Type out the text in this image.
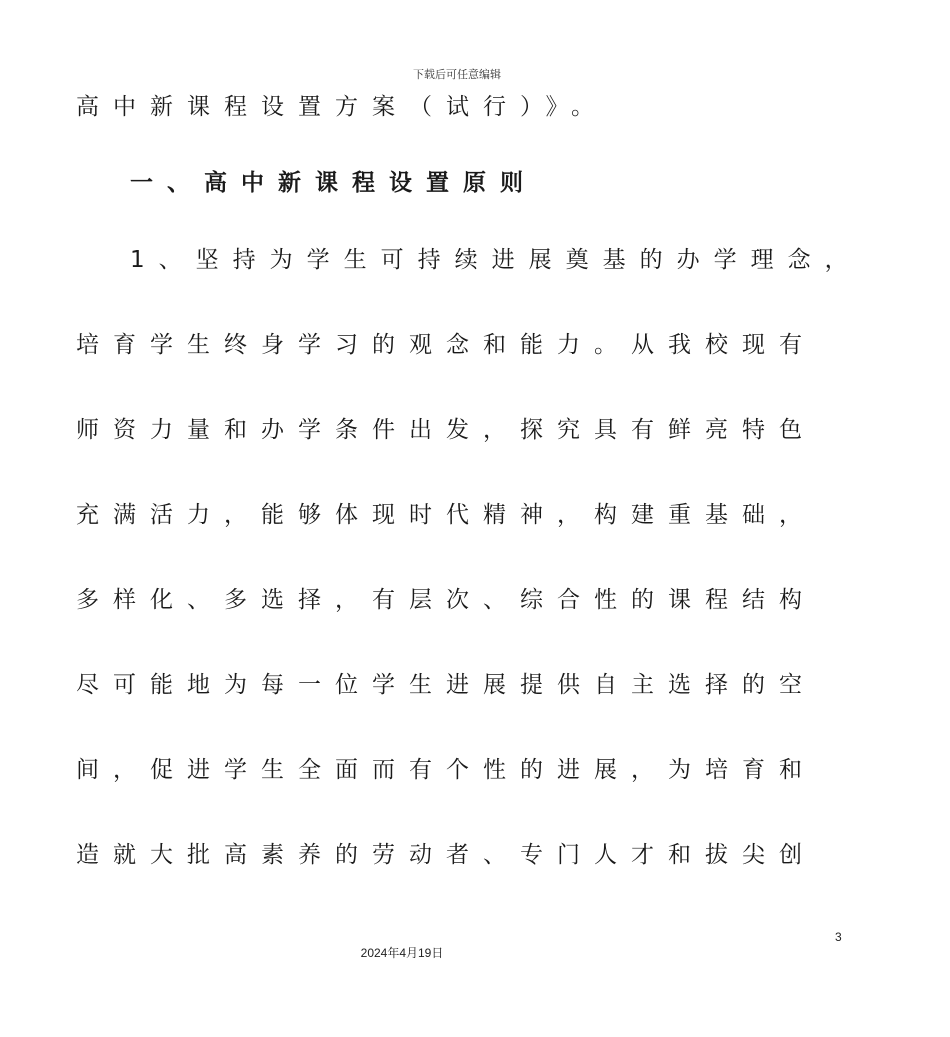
下载后可任意编辑
高中新课程设置方案（试行）》。
一、高中新课程设置原则
1、坚持为学生可持续进展奠基的办学理念，
培育学生终身学习的观念和能力。从我校现有
师资力量和办学条件出发，探究具有鲜亮特色
充满活力，能够体现时代精神，构建重基础，
多样化、多选择，有层次、综合性的课程结构
尽可能地为每一位学生进展提供自主选择的空
间，促进学生全面而有个性的进展，为培育和
造就大批高素养的劳动者、专门人才和拔尖创
3
2024年4月19日
